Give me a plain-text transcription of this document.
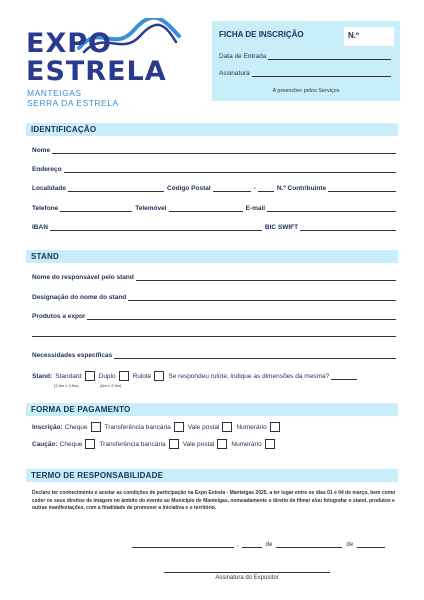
EXPO
ESTRELA
MANTEIGAS
SERRA DA ESTRELA
FICHA DE INSCRIÇÃO	N.º
Data de Entrada
Assinatura
A preencher pelos Serviços
IDENTIFICAÇÃO
Nome
Endereço
Localidade	Código Postal	-	N.º Contribuinte
Telefone	Telemóvel	E-mail
IBAN	BIC SWIFT
STAND
Nome do responsável pelo stand
Designação do nome do stand
Produtos a expor
Necessidades específicas
Stand: Standard	Duplo	Rulote	Se respondeu rulote, indique as dimensões da mesma?
(2,5m x 2,5m)	(5m x 2,5m)
FORMA DE PAGAMENTO
Inscrição: Cheque	Transferência bancária	Vale postal	Numerário
Caução: Cheque	Transferência bancária	Vale postal	Numerário
TERMO DE RESPONSABILIDADE
Declaro ter conhecimento e aceitar as condições de participação na Expo Estrela - Manteigas 2025, a ter lugar entre os dias 01 e 04 de março, bem como ceder os seus direitos de imagem no âmbito do evento ao Município de Manteigas, nomeadamente o direito de filmar e/ou fotografar o stand, produtos e outras manifestações, com a finalidade de promover a iniciativa e o território.
,	de	de
Assinatura do Expositor
